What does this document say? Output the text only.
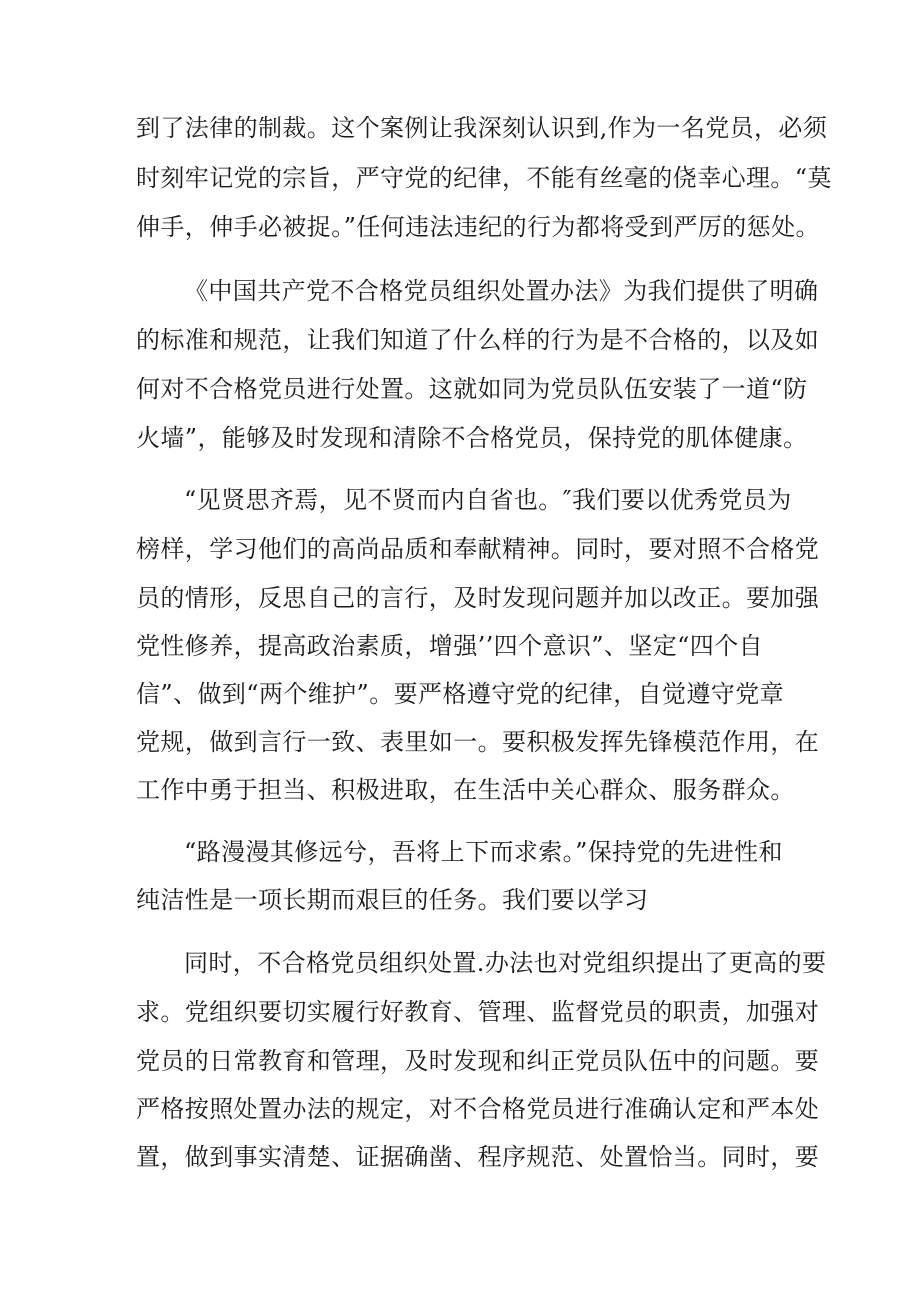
到了法律的制裁。这个案例让我深刻认识到,作为一名党员，必须
时刻牢记党的宗旨，严守党的纪律，不能有丝毫的侥幸心理。“莫
伸手，伸手必被捉。”任何违法违纪的行为都将受到严厉的惩处。
《中国共产党不合格党员组织处置办法》为我们提供了明确
的标准和规范，让我们知道了什么样的行为是不合格的，以及如
何对不合格党员进行处置。这就如同为党员队伍安装了一道“防
火墙”，能够及时发现和清除不合格党员，保持党的肌体健康。
“见贤思齐焉，见不贤而内自省也。″我们要以优秀党员为
榜样，学习他们的高尚品质和奉献精神。同时，要对照不合格党
员的情形，反思自己的言行，及时发现问题并加以改正。要加强
党性修养，提高政治素质，增强’’四个意识”、坚定“四个自
信”、做到“两个维护”。要严格遵守党的纪律，自觉遵守党章
党规，做到言行一致、表里如一。要积极发挥先锋模范作用，在
工作中勇于担当、积极进取，在生活中关心群众、服务群众。
“路漫漫其修远兮，吾将上下而求索。”保持党的先进性和
纯洁性是一项长期而艰巨的任务。我们要以学习
同时，不合格党员组织处置.办法也对党组织提出了更高的要
求。党组织要切实履行好教育、管理、监督党员的职责，加强对
党员的日常教育和管理，及时发现和纠正党员队伍中的问题。要
严格按照处置办法的规定，对不合格党员进行准确认定和严本处
置，做到事实清楚、证据确凿、程序规范、处置恰当。同时，要
